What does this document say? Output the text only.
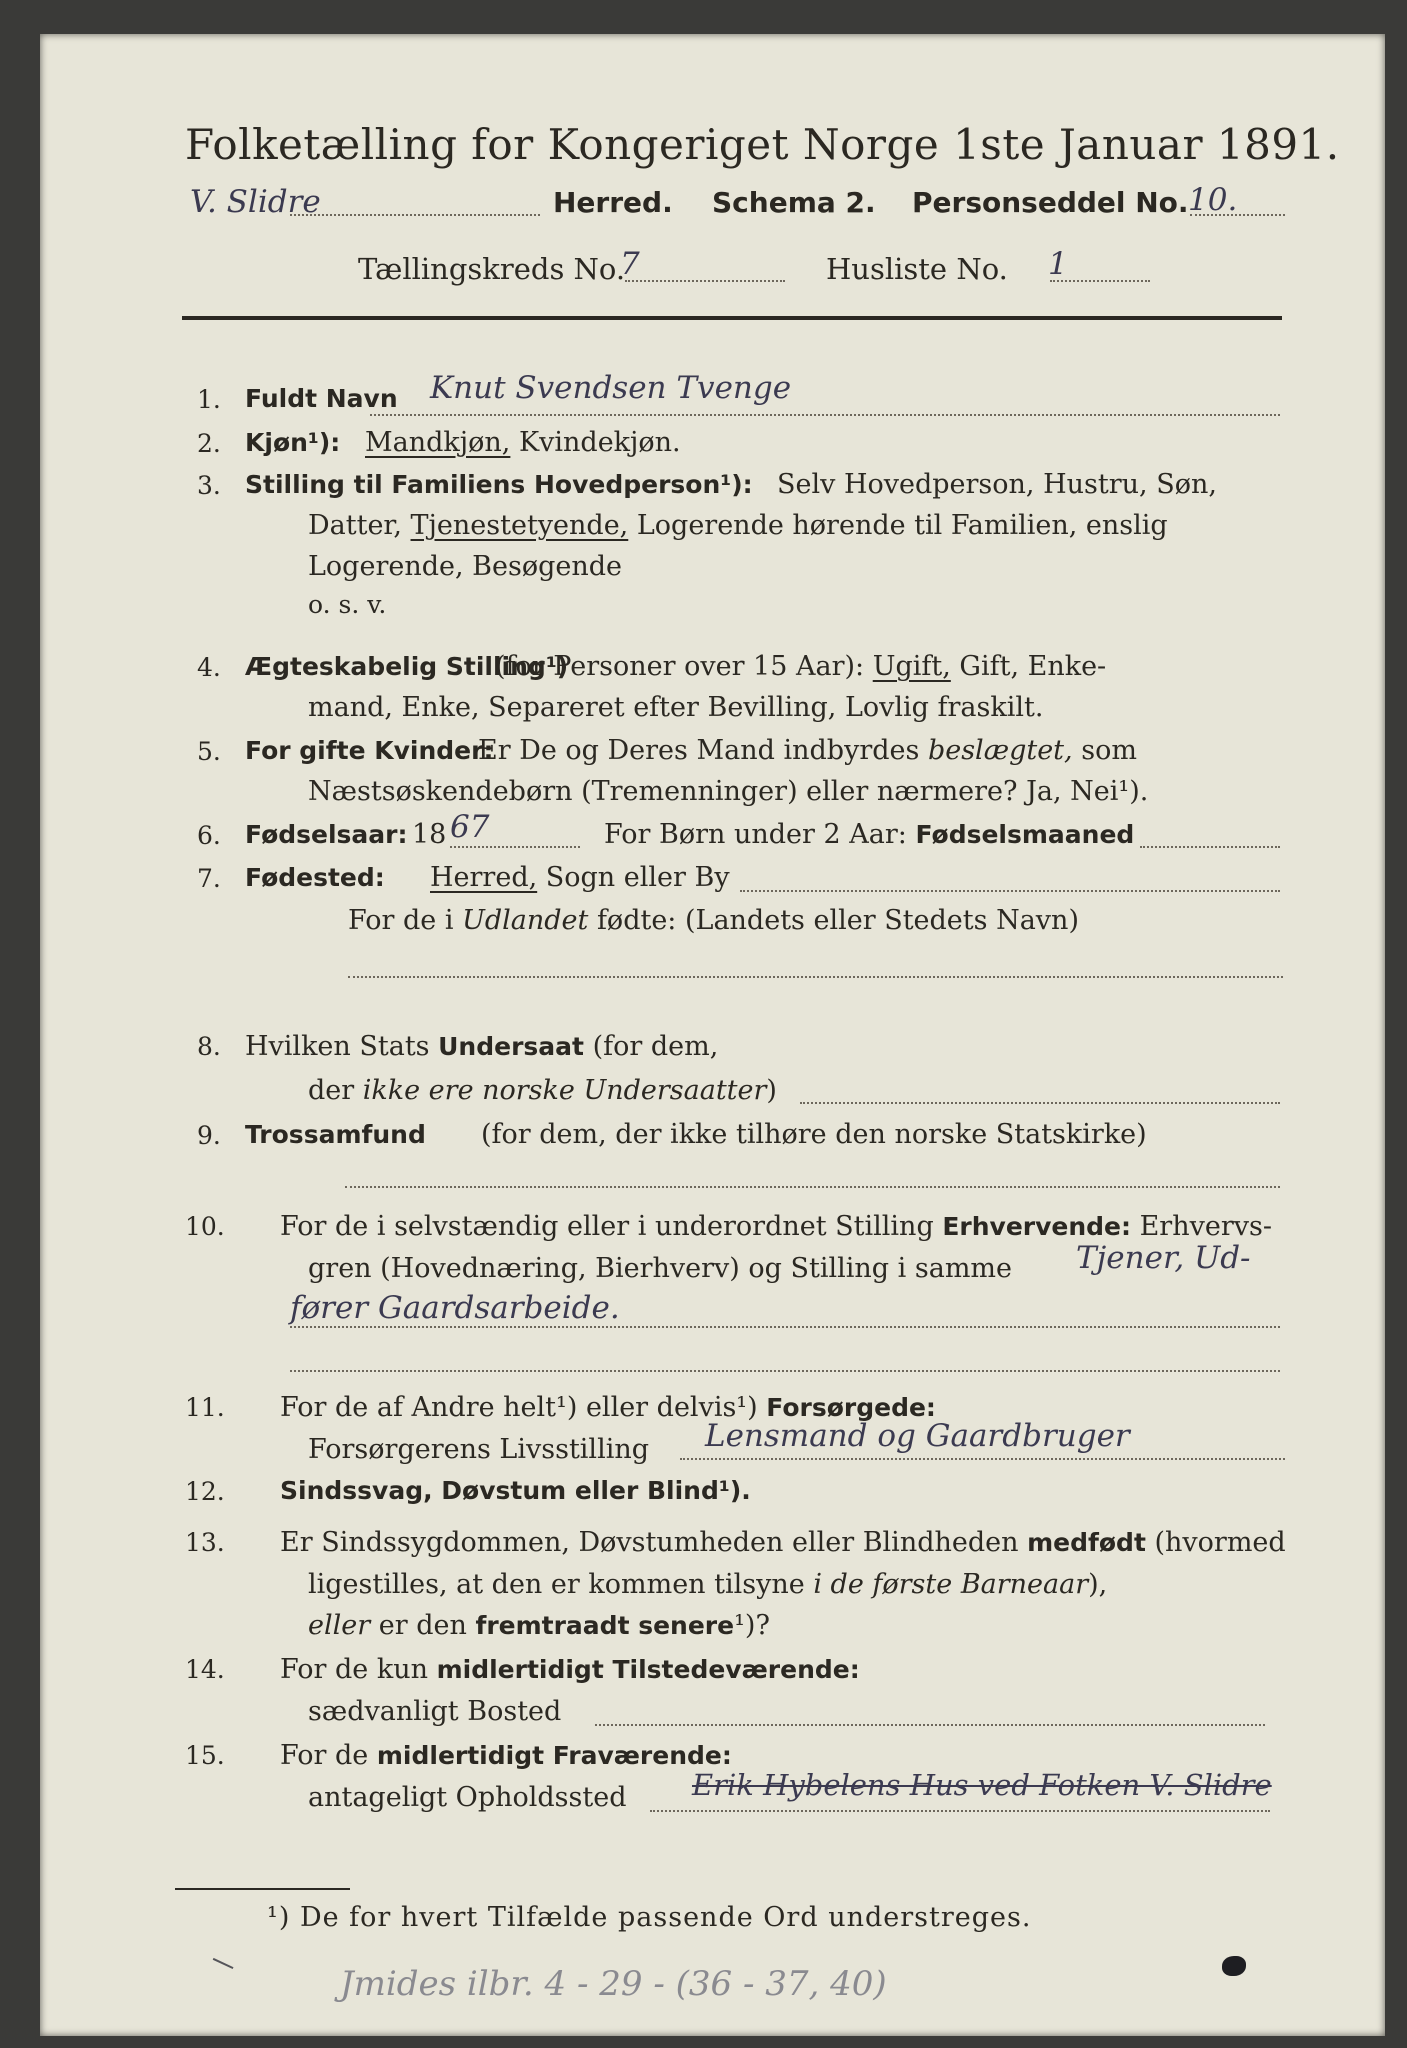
Folketælling for Kongeriget Norge 1ste Januar 1891.
V. Slidre	Herred. Schema 2. Personseddel No. 10.
Tællingskreds No.
7	Husliste No. 1
1. Fuldt Navn Knut Svendsen Tvenge
2. Kjøn¹): Mandkjøn, Kvindekjøn.
3. Stilling til Familiens Hovedperson¹): Selv Hovedperson, Hustru, Søn,
Datter, Tjenestetyende, Logerende hørende til Familien, enslig
Logerende, Besøgende
o. s. v.
4. Ægteskabelig Stilling¹)
(for Personer over 15 Aar): Ugift, Gift, Enke-
mand, Enke, Separeret efter Bevilling, Lovlig fraskilt.
5. For gifte Kvinder:
Er De og Deres Mand indbyrdes beslægtet, som
Næstsøskendebørn (Tremenninger) eller nærmere? Ja, Nei¹).
6. Fødselsaar: 18 67	For Børn under 2 Aar: Fødselsmaaned
7. Fødested: Herred, Sogn eller By
For de i Udlandet fødte: (Landets eller Stedets Navn)
8. Hvilken Stats Undersaat (for dem,
der ikke ere norske Undersaatter)
9. Trossamfund (for dem, der ikke tilhøre den norske Statskirke)
10. For de i selvstændig eller i underordnet Stilling Erhvervende: Erhvervs-
gren (Hovednæring, Bierhverv) og Stilling i samme Tjener, Ud-
fører Gaardsarbeide.
11. For de af Andre helt¹) eller delvis¹) Forsørgede:
Forsørgerens Livsstilling Lensmand og Gaardbruger
12. Sindssvag, Døvstum eller Blind¹).
13. Er Sindssygdommen, Døvstumheden eller Blindheden medfødt (hvormed
ligestilles, at den er kommen tilsyne i de første Barneaar),
eller er den fremtraadt senere¹)?
14. For de kun midlertidigt Tilstedeværende:
sædvanligt Bosted
15. For de midlertidigt Fraværende:
antageligt Opholdssted Erik Hybelens Hus ved Fotken V. Slidre
¹) De for hvert Tilfælde passende Ord understreges.
Jmides ilbr. 4 - 29 - (36 - 37, 40)
